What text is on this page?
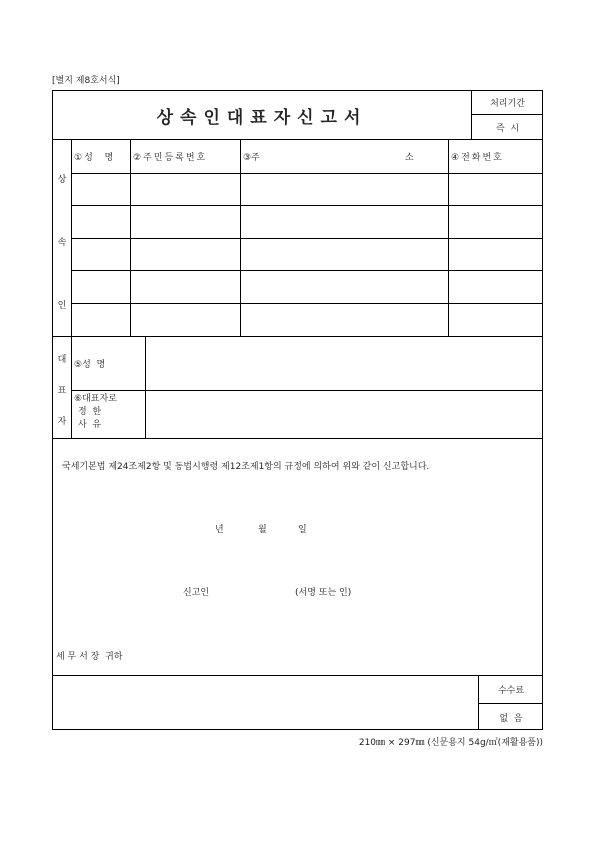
[별지 제8호서식]
상속인대표자신고서
처리기간
즉  시
상
속
인
①성  명	②주민등록번호	③주	소	④전화번호
대
표
자
⑤성  명
⑥대표자로
정  한
사  유
국세기본법 제24조제2항 및 동법시행령 제12조제1항의 규정에 의하여 위와 같이 신고합니다.
년	월	일
신고인	(서명 또는 인)
세 무 서 장  귀하
수수료
없  음
210㎜ × 297㎜ (신문용지 54g/㎡(재활용품))
